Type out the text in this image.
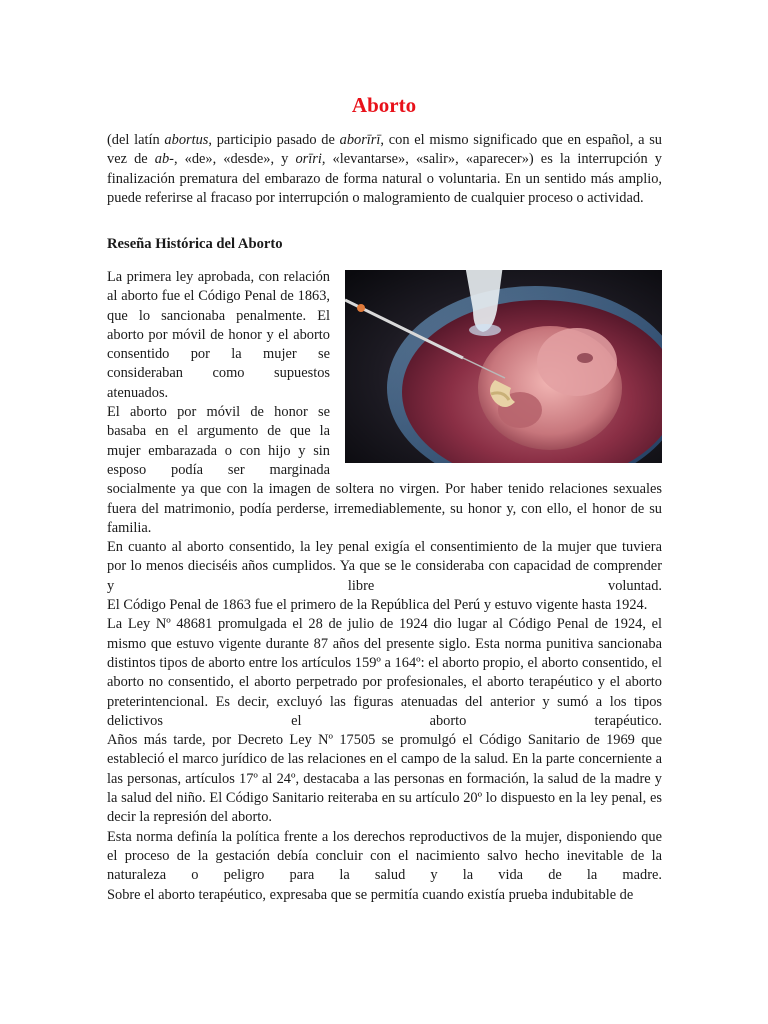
Aborto
(del latín abortus, participio pasado de aborīrī, con el mismo significado que en español, a su vez de ab-, «de», «desde», y orīri, «levantarse», «salir», «aparecer») es la interrupción y finalización prematura del embarazo de forma natural o voluntaria. En un sentido más amplio, puede referirse al fracaso por interrupción o malogramiento de cualquier proceso o actividad.
Reseña Histórica del Aborto

La primera ley aprobada, con relación al aborto fue el Código Penal de 1863, que lo sancionaba penalmente. El aborto por móvil de honor y el aborto consentido por la mujer se consideraban como supuestos atenuados.

El aborto por móvil de honor se basaba en el argumento de que la mujer embarazada o con hijo y sin esposo podía ser marginada socialmente ya que con la imagen de soltera no virgen. Por haber tenido relaciones sexuales fuera del matrimonio, podía perderse, irremediablemente, su honor y, con ello, el honor de su familia.

En cuanto al aborto consentido, la ley penal exigía el consentimiento de la mujer que tuviera por lo menos dieciséis años cumplidos. Ya que se le consideraba con capacidad de comprender y libre voluntad.

El Código Penal de 1863 fue el primero de la República del Perú y estuvo vigente hasta 1924.

La Ley Nº 48681 promulgada el 28 de julio de 1924 dio lugar al Código Penal de 1924, el mismo que estuvo vigente durante 87 años del presente siglo. Esta norma punitiva sancionaba distintos tipos de aborto entre los artículos 159º a 164º: el aborto propio, el aborto consentido, el aborto no consentido, el aborto perpetrado por profesionales, el aborto terapéutico y el aborto preterintencional. Es decir, excluyó las figuras atenuadas del anterior y sumó a los tipos delictivos el aborto terapéutico.

Años más tarde, por Decreto Ley Nº 17505 se promulgó el Código Sanitario de 1969 que estableció el marco jurídico de las relaciones en el campo de la salud. En la parte concerniente a las personas, artículos 17º al 24º, destacaba a las personas en formación, la salud de la madre y la salud del niño. El Código Sanitario reiteraba en su artículo 20º lo dispuesto en la ley penal, es decir la represión del aborto.

Esta norma definía la política frente a los derechos reproductivos de la mujer, disponiendo que el proceso de la gestación debía concluir con el nacimiento salvo hecho inevitable de la naturaleza o peligro para la salud y la vida de la madre.

Sobre el aborto terapéutico, expresaba que se permitía cuando existía prueba indubitable de
